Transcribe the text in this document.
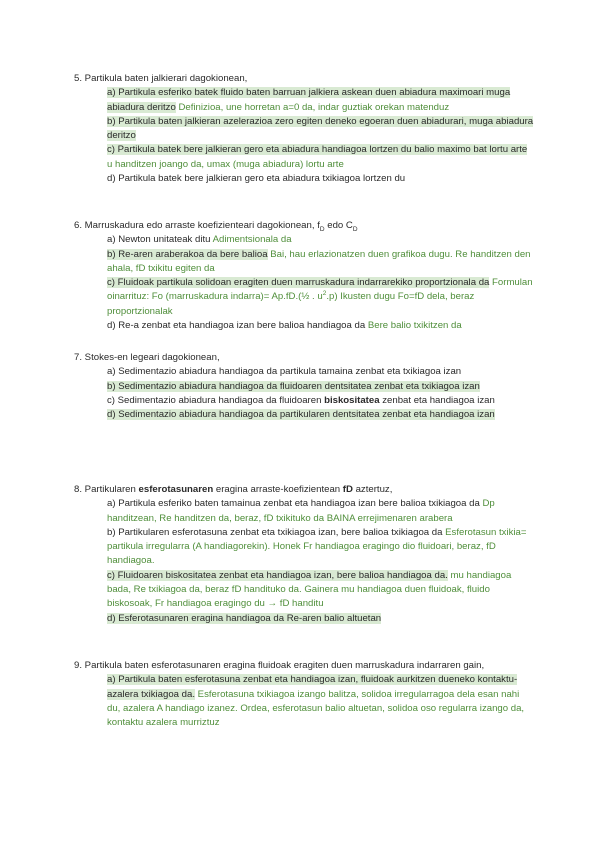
5. Partikula baten jalkierari dagokionean,

a) Partikula esferiko batek fluido baten barruan jalkiera askean duen abiadura maximoari muga abiadura deritzo Definizioa, une horretan a=0 da, indar guztiak orekan matenduz

b) Partikula baten jalkieran azelerazioa zero egiten deneko egoeran duen abiadurari, muga abiadura deritzo

c) Partikula batek bere jalkieran gero eta abiadura handiagoa lortzen du balio maximo bat lortu arte u handitzen joango da, umax (muga abiadura) lortu arte

d) Partikula batek bere jalkieran gero eta abiadura txikiagoa lortzen du

6. Marruskadura edo arraste koefizienteari dagokionean, $f_D$ edo $C_D$

a) Newton unitateak ditu Adimentsionala da

b) Re-aren araberakoa da bere balioa Bai, hau erlazionatzen duen grafikoa dugu. Re handitzen den ahala, fD txikitu egiten da

c) Fluidoak partikula solidoan eragiten duen marruskadura indarrarekiko proportzionala da Formulan oinarrituz: Fo (marruskadura indarra)= Ap.fD.(½ . $u^2.p$) Ikusten dugu Fo=fD dela, beraz proportzionalak

d) Re-a zenbat eta handiagoa izan bere balioa handiagoa da Bere balio txikitzen da

7. Stokes-en legeari dagokionean,

a) Sedimentazio abiadura handiagoa da partikula tamaina zenbat eta txikiagoa izan

b) Sedimentazio abiadura handiagoa da fluidoaren dentsitatea zenbat eta txikiagoa izan

c) Sedimentazio abiadura handiagoa da fluidoaren biskositatea zenbat eta handiagoa izan

d) Sedimentazio abiadura handiagoa da partikularen dentsitatea zenbat eta handiagoa izan

8. Partikularen esferotasunaren eragina arraste-koefizientean fD aztertuz,

a) Partikula esferiko baten tamainua zenbat eta handiagoa izan bere balioa txikiagoa da Dp handitzean, Re handitzen da, beraz, fD txikituko da BAINA errejimenaren arabera

b) Partikularen esferotasuna zenbat eta txikiagoa izan, bere balioa txikiagoa da Esferotasun txikia= partikula irregularra (A handiagorekin). Honek Fr handiagoa eragingo dio fluidoari, beraz, fD handiagoa.

c) Fluidoaren biskositatea zenbat eta handiagoa izan, bere balioa handiagoa da. mu handiagoa bada, Re txikiagoa da, beraz fD handituko da. Gainera mu handiagoa duen fluidoak, fluido biskosoak, Fr handiagoa eragingo du → fD handitu

d) Esferotasunaren eragina handiagoa da Re-aren balio altuetan

9. Partikula baten esferotasunaren eragina fluidoak eragiten duen marruskadura indarraren gain,

a) Partikula baten esferotasuna zenbat eta handiagoa izan, fluidoak aurkitzen dueneko kontaktu-azalera txikiagoa da. Esferotasuna txikiagoa izango balitza, solidoa irregularragoa dela esan nahi du, azalera A handiago izanez. Ordea, esferotasun balio altuetan, solidoa oso regularra izango da, kontaktu azalera murriztuz
